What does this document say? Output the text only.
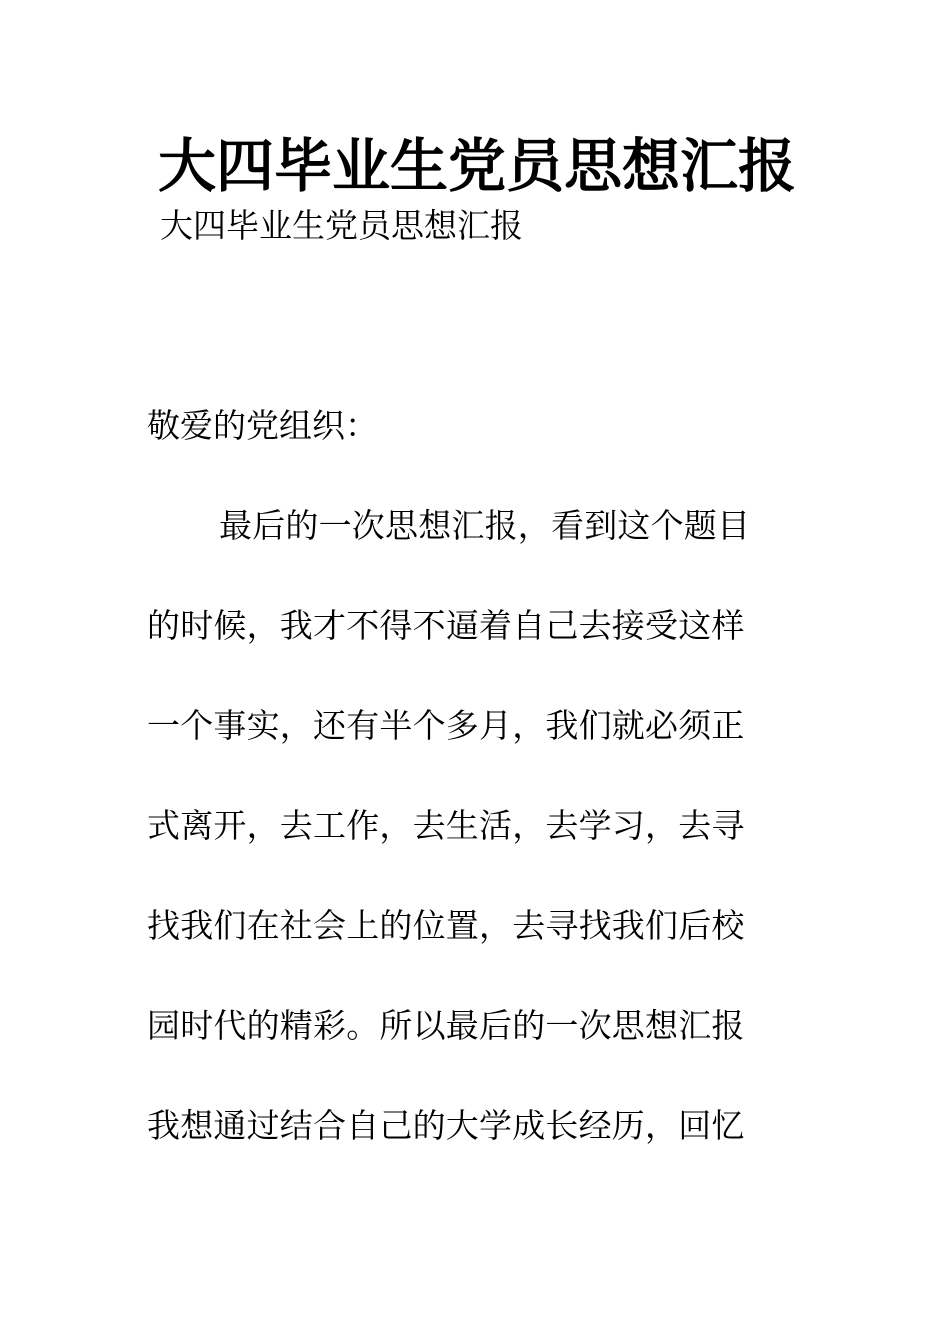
大四毕业生党员思想汇报
大四毕业生党员思想汇报
敬爱的党组织：
最后的一次思想汇报，看到这个题目
的时候，我才不得不逼着自己去接受这样
一个事实，还有半个多月，我们就必须正
式离开，去工作，去生活，去学习，去寻
找我们在社会上的位置，去寻找我们后校
园时代的精彩。所以最后的一次思想汇报
我想通过结合自己的大学成长经历，回忆
